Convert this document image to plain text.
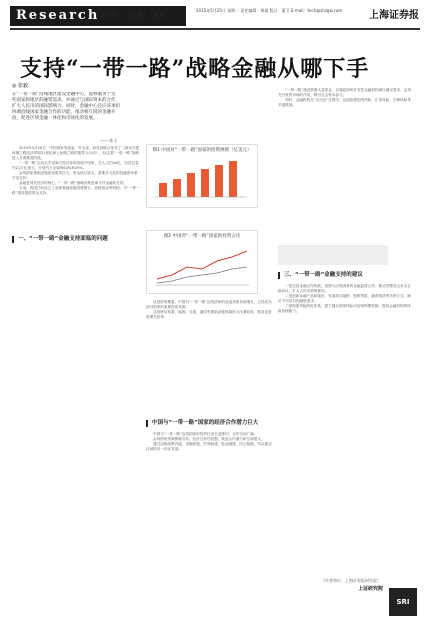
Research 研究 · 宏观 /A3
2015年5月25日 星期一 责任编辑：黄瑜 版式：董卫 E-mail：tech@shzgw.com	上海证券报
支持“一带一路”战略金融从哪下手
◎ 张毅
在“一带一路”沿线地区建设金融中心，能够服务于这些国家和地区的融资需求，并通过与国际资本的合作，扩大人民币的国际影响力。同时，金融中心还应该承担协调沿线国家金融合作的功能，推动相互间的金融开放，促进区域金融一体化和市场化的发展。
—— 陈玉

2015年3月28日，中国国家发改委、外交部、商务部联合发布了《推动共建丝绸之路经济带和21世纪海上丝绸之路的愿景与行动》，标志着“一带一路”战略进入全面推进阶段。

“一带一路”沿线大多是新兴经济体和发展中国家，总人口约44亿，经济总量约21万亿美元，分别约占全球的63%和29%。

沿线国家基础设施建设需求巨大，资金缺口较大，需要多元化的投融资体系予以支持。

金融是现代经济的核心，“一带一路”战略的推进离不开金融的支持。

当前，我国已经设立了亚洲基础设施投资银行、丝路基金等机构，为“一带一路”建设提供资金支持。

一、“一带一路”金融支持面临的问题
图1 中国对“一带一路”国家的投资规模（亿美元）
图2 中国对“一带一路”国家的投资占比

从投资规模看，中国对“一带一路”沿线国家的直接投资持续增长，已经成为部分国家的重要投资来源。

从投资结构看，能源、交通、通信等基础设施领域所占比重较高，制造业投资增长较快。

中国与“一带一路”国家的经济合作潜力巨大

中国与“一带一路”沿线国家的经贸往来日益密切，合作空间广阔。

沿线国家资源禀赋各异，经济互补性较强，彼此合作潜力和空间很大。

通过加强政策沟通、设施联通、贸易畅通、资金融通、民心相通，可以推动区域经济一体化发展。

“一带一路”建设需要大量资金，仅靠政府和开发性金融机构难以满足需求，必须充分发挥市场的作用，吸引社会资本参与。

同时，金融机构在“走出去”过程中，也面临着国别风险、汇率风险、法律风险等多重挑战。

三、“一带一路”金融支持的建议

一是完善金融合作机制，加强与沿线国家的金融监管合作，推动签署双边本币互换协议，扩大人民币跨境使用。

二是创新金融产品和服务，发展项目融资、银团贷款、融资租赁等多种方式，满足不同项目的融资需求。

三是构建风险防范体系，建立健全国别风险评估和预警机制，提高金融机构的风险管理能力。

（作者单位：上海证券报研究院）
上证研究院
SRI
